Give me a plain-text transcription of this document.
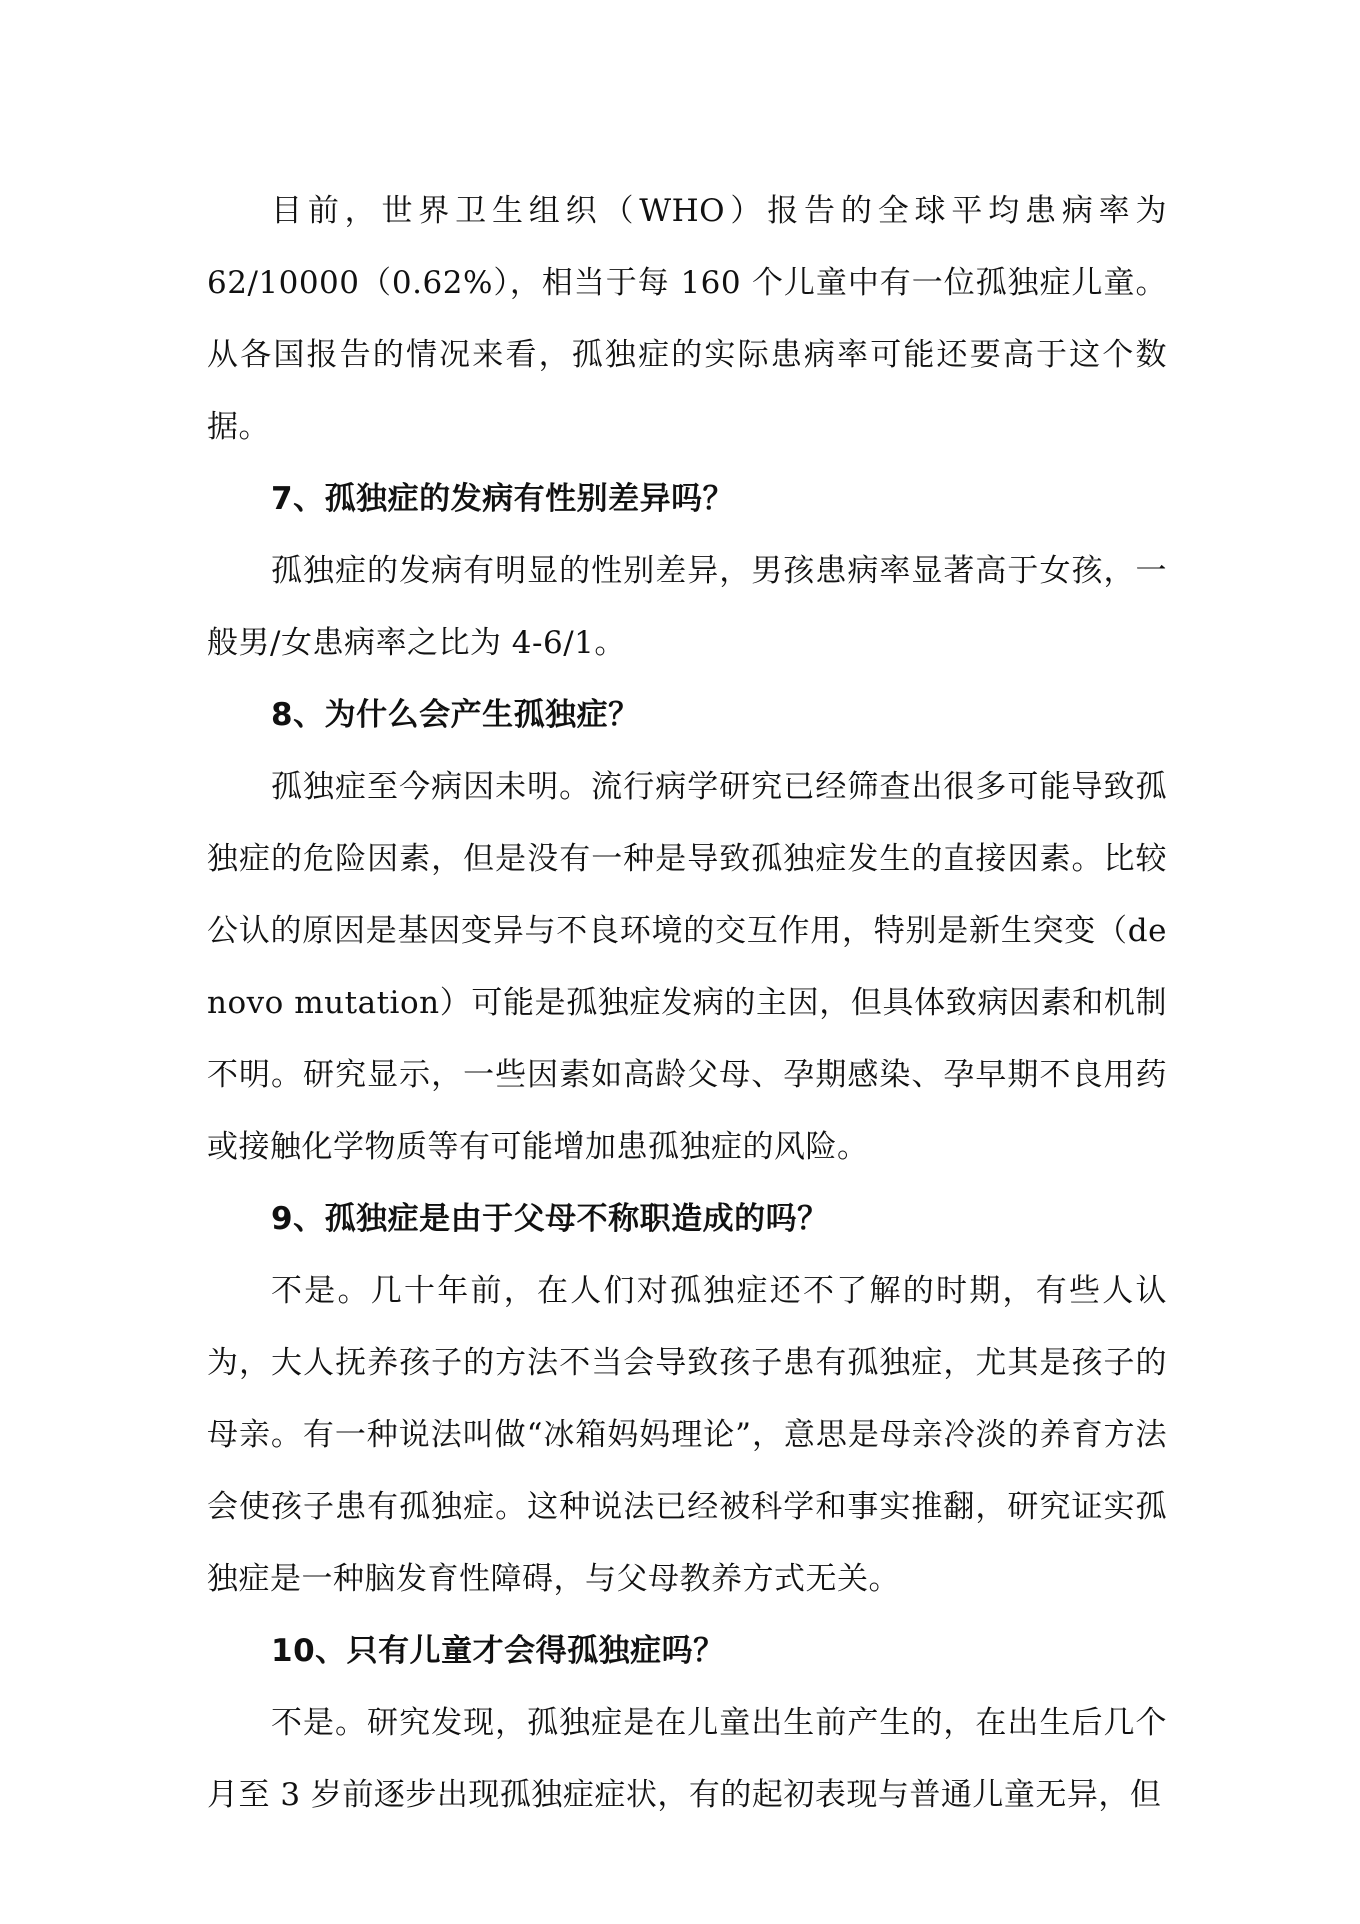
目前，世界卫生组织（WHO）报告的全球平均患病率为62/10000（0.62%），相当于每 160 个儿童中有一位孤独症儿童。从各国报告的情况来看，孤独症的实际患病率可能还要高于这个数据。

7、孤独症的发病有性别差异吗？

孤独症的发病有明显的性别差异，男孩患病率显著高于女孩，一般男/女患病率之比为 4-6/1。

8、为什么会产生孤独症？

孤独症至今病因未明。流行病学研究已经筛查出很多可能导致孤独症的危险因素，但是没有一种是导致孤独症发生的直接因素。比较公认的原因是基因变异与不良环境的交互作用，特别是新生突变（de novo mutation）可能是孤独症发病的主因，但具体致病因素和机制不明。研究显示，一些因素如高龄父母、孕期感染、孕早期不良用药或接触化学物质等有可能增加患孤独症的风险。

9、孤独症是由于父母不称职造成的吗？

不是。几十年前，在人们对孤独症还不了解的时期，有些人认为，大人抚养孩子的方法不当会导致孩子患有孤独症，尤其是孩子的母亲。有一种说法叫做“冰箱妈妈理论”，意思是母亲冷淡的养育方法会使孩子患有孤独症。这种说法已经被科学和事实推翻，研究证实孤独症是一种脑发育性障碍，与父母教养方式无关。

10、只有儿童才会得孤独症吗？

不是。研究发现，孤独症是在儿童出生前产生的，在出生后几个月至 3 岁前逐步出现孤独症症状，有的起初表现与普通儿童无异，但
